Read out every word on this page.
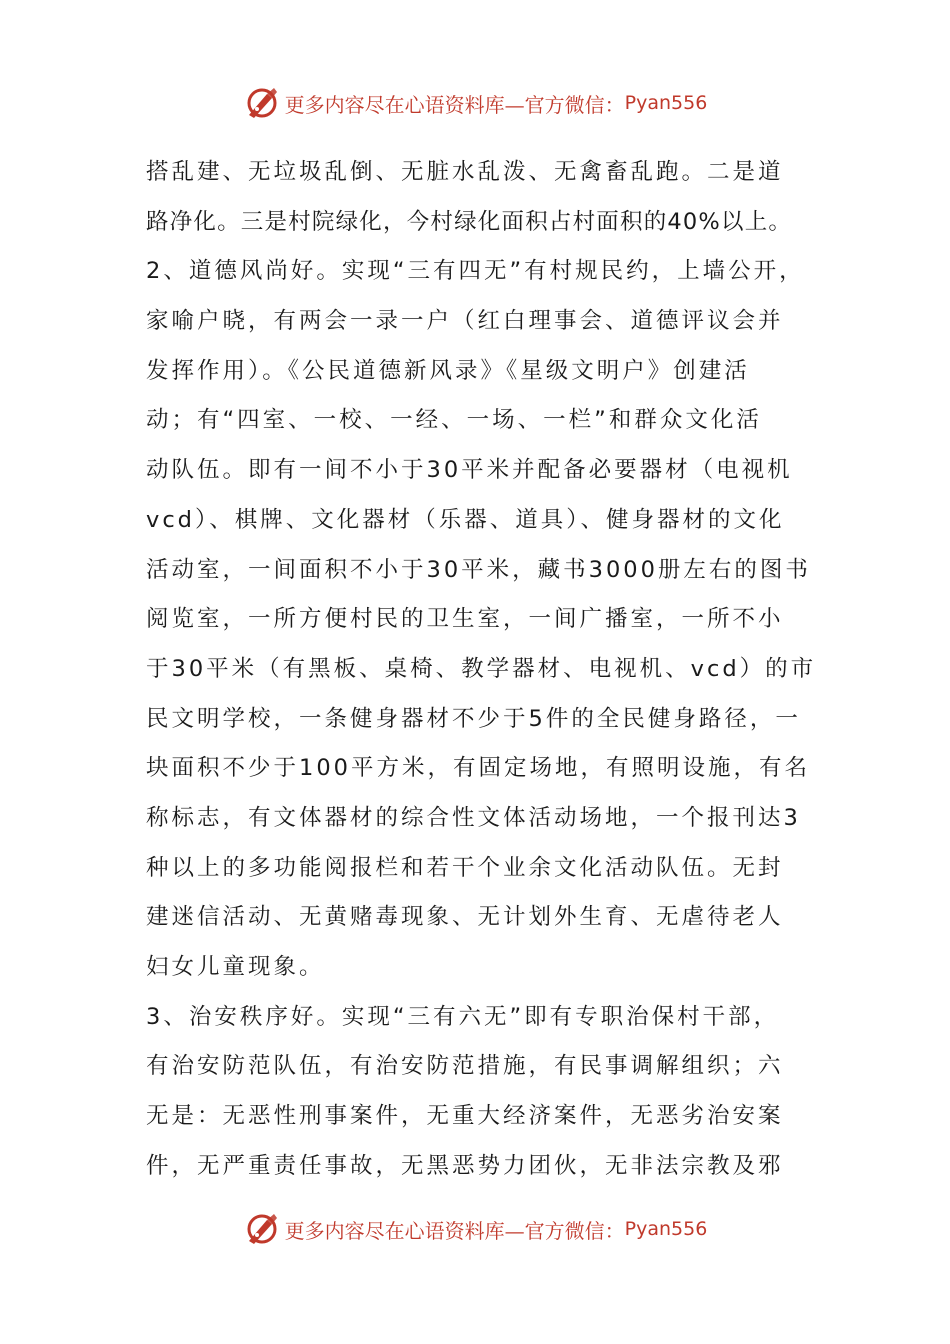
更多内容尽在心语资料库—官方微信： Pyan556
搭乱建、无垃圾乱倒、无脏水乱泼、无禽畜乱跑。二是道
路净化。三是村院绿化，今村绿化面积占村面积的40%以上。
2、道德风尚好。实现“三有四无”有村规民约，上墙公开，
家喻户晓，有两会一录一户（红白理事会、道德评议会并
发挥作用）。《公民道德新风录》《星级文明户》创建活
动；有“四室、一校、一经、一场、一栏”和群众文化活
动队伍。即有一间不小于30平米并配备必要器材（电视机
vcd）、棋牌、文化器材（乐器、道具）、健身器材的文化
活动室，一间面积不小于30平米，藏书3000册左右的图书
阅览室，一所方便村民的卫生室，一间广播室，一所不小
于30平米（有黑板、桌椅、教学器材、电视机、vcd）的市
民文明学校，一条健身器材不少于5件的全民健身路径，一
块面积不少于100平方米，有固定场地，有照明设施，有名
称标志，有文体器材的综合性文体活动场地，一个报刊达3
种以上的多功能阅报栏和若干个业余文化活动队伍。无封
建迷信活动、无黄赌毒现象、无计划外生育、无虐待老人
妇女儿童现象。
3、治安秩序好。实现“三有六无”即有专职治保村干部，
有治安防范队伍，有治安防范措施，有民事调解组织；六
无是：无恶性刑事案件，无重大经济案件，无恶劣治安案
件，无严重责任事故，无黑恶势力团伙，无非法宗教及邪
更多内容尽在心语资料库—官方微信： Pyan556
